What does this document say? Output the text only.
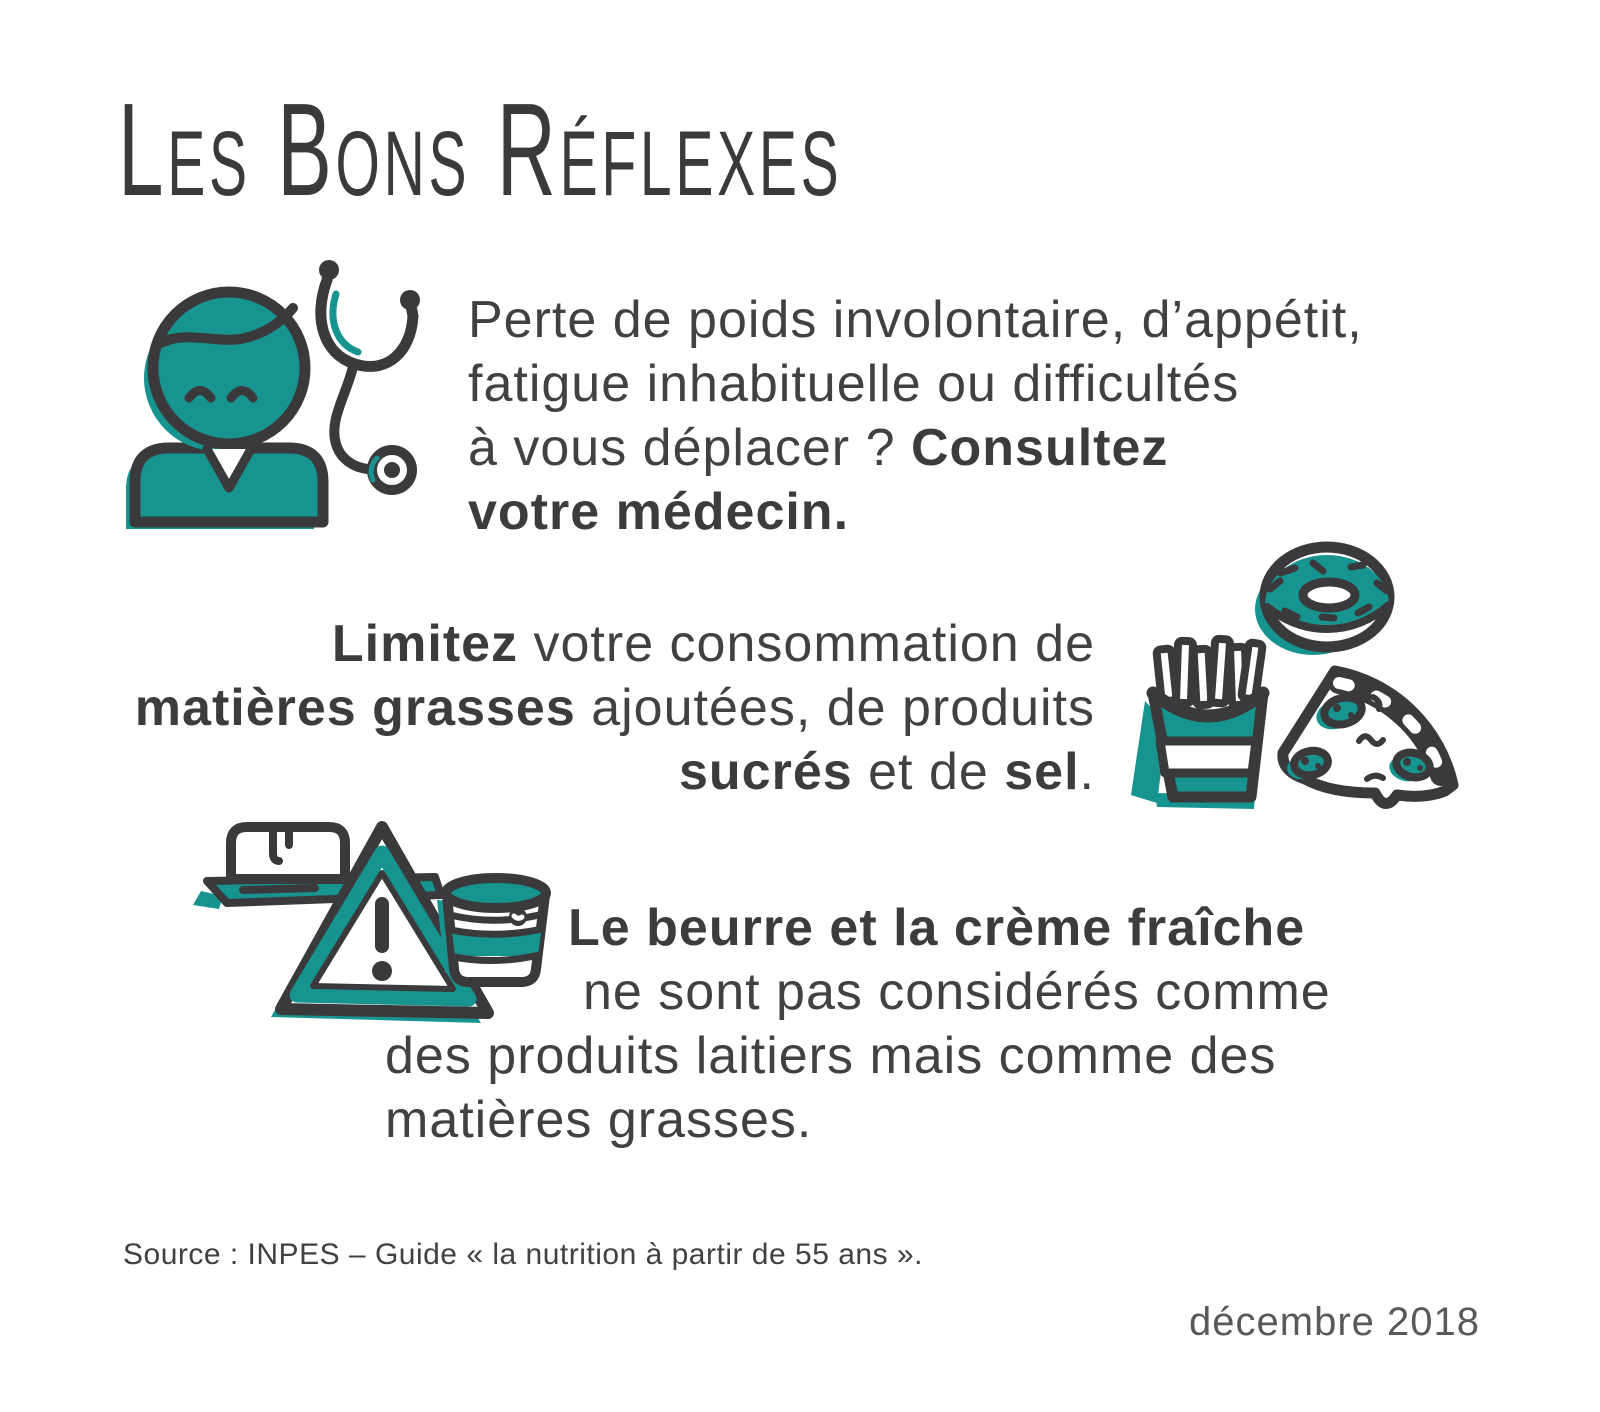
Les Bons Réflexes
Perte de poids involontaire, d’appétit,
fatigue inhabituelle ou difficultés
à vous déplacer ? Consultez
votre médecin.
Limitez votre consommation de
matières grasses ajoutées, de produits
sucrés et de sel.
Le beurre et la crème fraîche
ne sont pas considérés comme
des produits laitiers mais comme des
matières grasses.
Source : INPES – Guide « la nutrition à partir de 55 ans ».
décembre 2018
